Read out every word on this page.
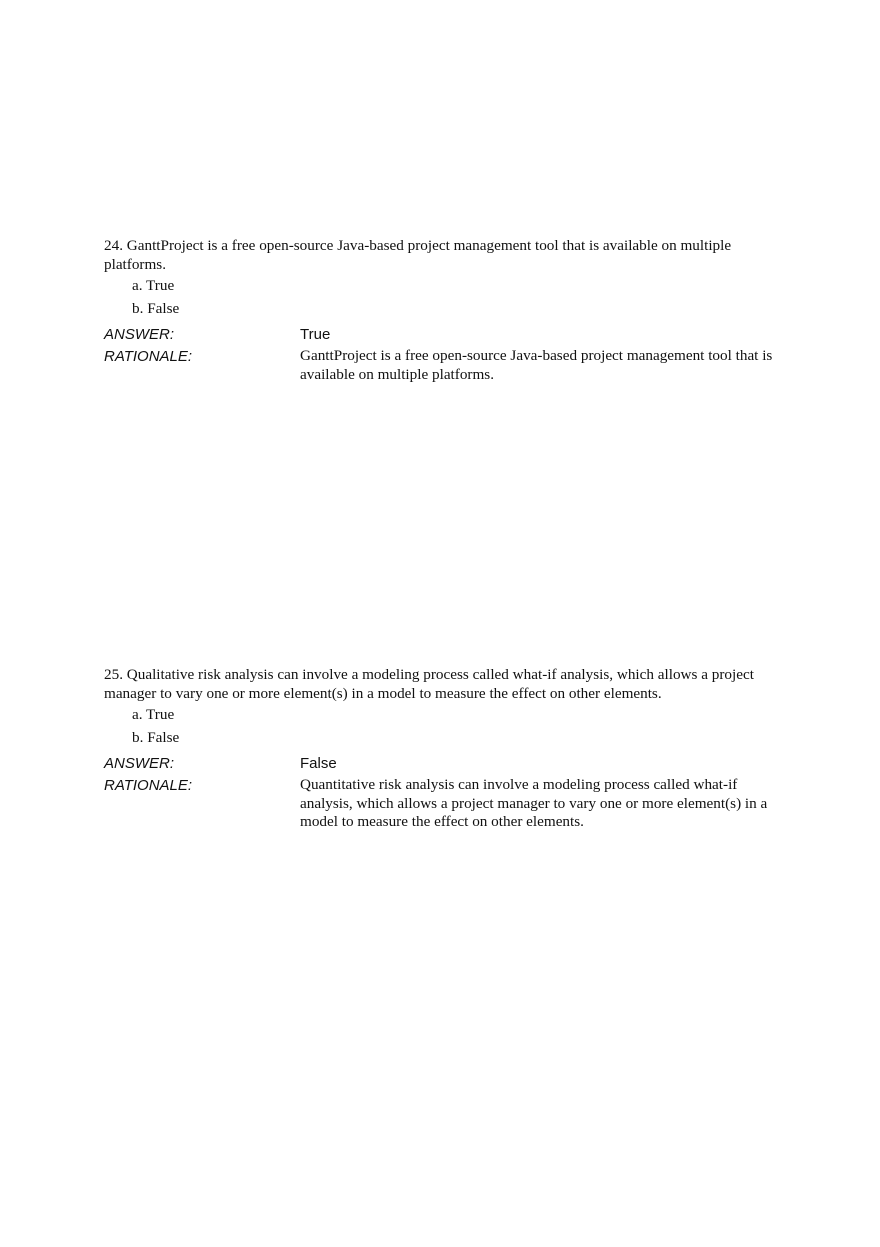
24. GanttProject is a free open-source Java-based project management tool that is available on multiple platforms.

a. True
b. False
ANSWER:	True
RATIONALE:	GanttProject is a free open-source Java-based project management tool that is available on multiple platforms.

25. Qualitative risk analysis can involve a modeling process called what-if analysis, which allows a project manager to vary one or more element(s) in a model to measure the effect on other elements.

a. True
b. False
ANSWER:	False
RATIONALE:	Quantitative risk analysis can involve a modeling process called what-if analysis, which allows a project manager to vary one or more element(s) in a model to measure the effect on other elements.
